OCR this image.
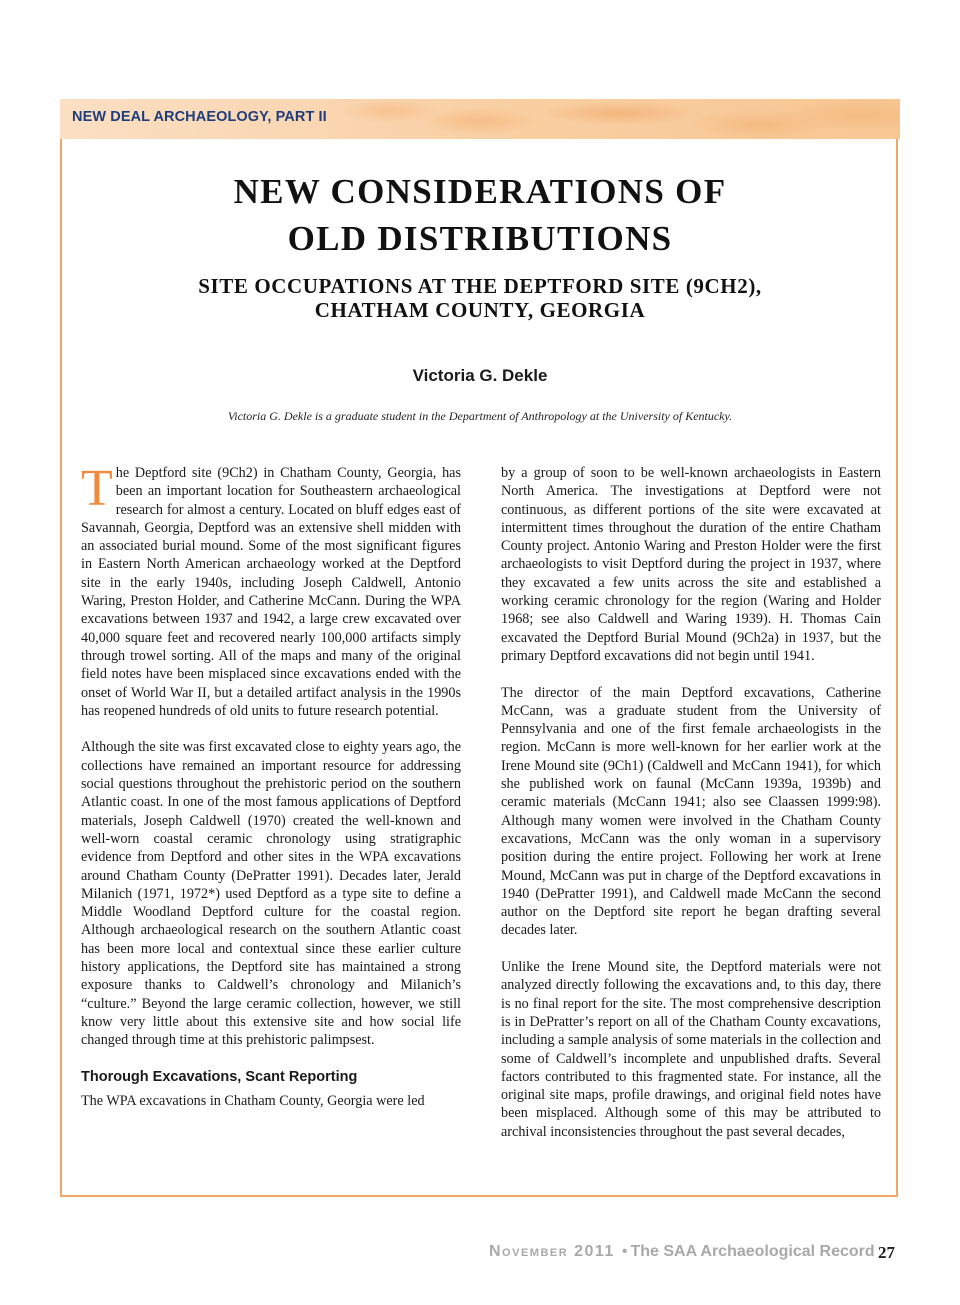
NEW DEAL ARCHAEOLOGY, PART II
NEW CONSIDERATIONS OF
OLD DISTRIBUTIONS
SITE OCCUPATIONS AT THE DEPTFORD SITE (9CH2),
CHATHAM COUNTY, GEORGIA
Victoria G. Dekle
Victoria G. Dekle is a graduate student in the Department of Anthropology at the University of Kentucky.

The Deptford site (9Ch2) in Chatham County, Georgia, has been an important location for Southeastern archaeological research for almost a century. Located on bluff edges east of Savannah, Georgia, Deptford was an extensive shell midden with an associated burial mound. Some of the most significant figures in Eastern North American archaeology worked at the Deptford site in the early 1940s, including Joseph Caldwell, Antonio Waring, Preston Holder, and Catherine McCann. During the WPA excavations between 1937 and 1942, a large crew excavated over 40,000 square feet and recovered nearly 100,000 artifacts simply through trowel sorting. All of the maps and many of the original field notes have been misplaced since excavations ended with the onset of World War II, but a detailed artifact analysis in the 1990s has reopened hundreds of old units to future research potential.

Although the site was first excavated close to eighty years ago, the collections have remained an important resource for addressing social questions throughout the prehistoric period on the southern Atlantic coast. In one of the most famous applications of Deptford materials, Joseph Caldwell (1970) created the well-known and well-worn coastal ceramic chronology using stratigraphic evidence from Deptford and other sites in the WPA excavations around Chatham County (DePratter 1991). Decades later, Jerald Milanich (1971, 1972*) used Deptford as a type site to define a Middle Woodland Deptford culture for the coastal region. Although archaeological research on the southern Atlantic coast has been more local and contextual since these earlier culture history applications, the Deptford site has maintained a strong exposure thanks to Caldwell’s chronology and Milanich’s “culture.” Beyond the large ceramic collection, however, we still know very little about this extensive site and how social life changed through time at this prehistoric palimpsest.

Thorough Excavations, Scant Reporting

The WPA excavations in Chatham County, Georgia were led

by a group of soon to be well-known archaeologists in Eastern North America. The investigations at Deptford were not continuous, as different portions of the site were excavated at intermittent times throughout the duration of the entire Chatham County project. Antonio Waring and Preston Holder were the first archaeologists to visit Deptford during the project in 1937, where they excavated a few units across the site and established a working ceramic chronology for the region (Waring and Holder 1968; see also Caldwell and Waring 1939). H. Thomas Cain excavated the Deptford Burial Mound (9Ch2a) in 1937, but the primary Deptford excavations did not begin until 1941.

The director of the main Deptford excavations, Catherine McCann, was a graduate student from the University of Pennsylvania and one of the first female archaeologists in the region. McCann is more well-known for her earlier work at the Irene Mound site (9Ch1) (Caldwell and McCann 1941), for which she published work on faunal (McCann 1939a, 1939b) and ceramic materials (McCann 1941; also see Claassen 1999:98). Although many women were involved in the Chatham County excavations, McCann was the only woman in a supervisory position during the entire project. Following her work at Irene Mound, McCann was put in charge of the Deptford excavations in 1940 (DePratter 1991), and Caldwell made McCann the second author on the Deptford site report he began drafting several decades later.

Unlike the Irene Mound site, the Deptford materials were not analyzed directly following the excavations and, to this day, there is no final report for the site. The most comprehensive description is in DePratter’s report on all of the Chatham County excavations, including a sample analysis of some materials in the collection and some of Caldwell’s incomplete and unpublished drafts. Several factors contributed to this fragmented state. For instance, all the original site maps, profile drawings, and original field notes have been misplaced. Although some of this may be attributed to archival inconsistencies throughout the past several decades,

November 2011 • The SAA Archaeological Record 27
